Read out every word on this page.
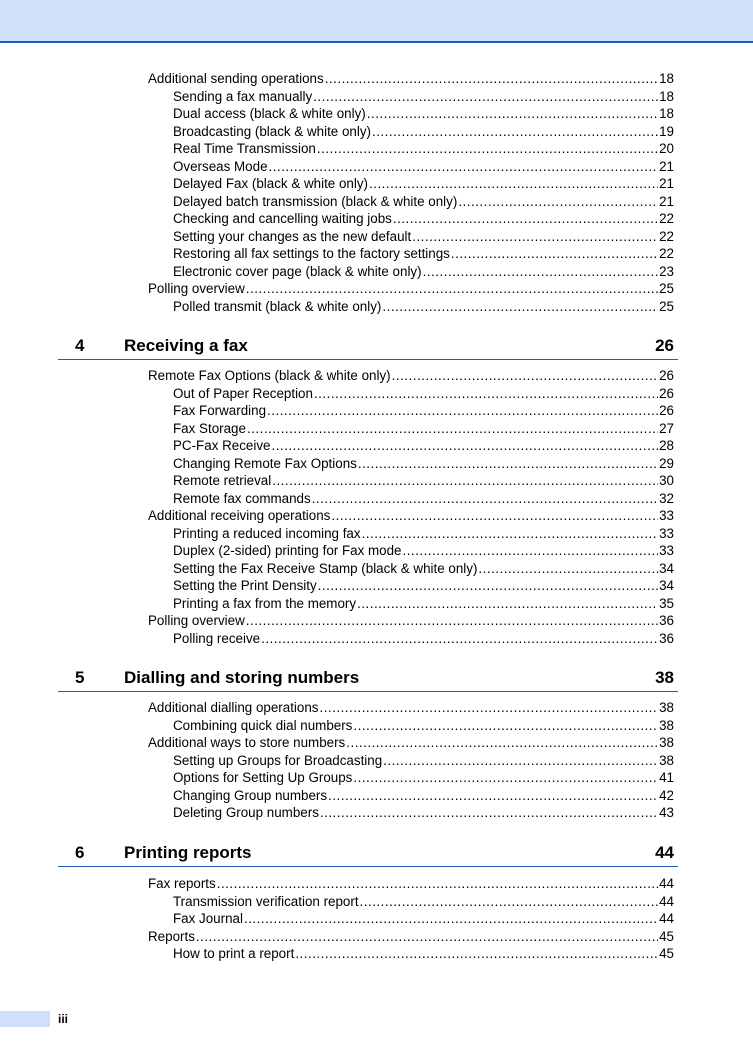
Additional sending operations .....	18
Sending a fax manually .....	18
Dual access (black & white only) .....	18
Broadcasting (black & white only) .....	19
Real Time Transmission .....	20
Overseas Mode .....	21
Delayed Fax (black & white only) .....	21
Delayed batch transmission (black & white only) .....	21
Checking and cancelling waiting jobs .....	22
Setting your changes as the new default .....	22
Restoring all fax settings to the factory settings .....	22
Electronic cover page (black & white only) .....	23
Polling overview .....	25
Polled transmit (black & white only) .....	25
4 Receiving a fax	26
Remote Fax Options (black & white only) .....	26
Out of Paper Reception .....	26
Fax Forwarding .....	26
Fax Storage .....	27
PC-Fax Receive .....	28
Changing Remote Fax Options .....	29
Remote retrieval .....	30
Remote fax commands .....	32
Additional receiving operations .....	33
Printing a reduced incoming fax .....	33
Duplex (2-sided) printing for Fax mode .....	33
Setting the Fax Receive Stamp (black & white only) .....	34
Setting the Print Density .....	34
Printing a fax from the memory .....	35
Polling overview .....	36
Polling receive .....	36
5 Dialling and storing numbers	38
Additional dialling operations .....	38
Combining quick dial numbers .....	38
Additional ways to store numbers .....	38
Setting up Groups for Broadcasting .....	38
Options for Setting Up Groups .....	41
Changing Group numbers .....	42
Deleting Group numbers .....	43
6 Printing reports	44
Fax reports .....	44
Transmission verification report .....	44
Fax Journal .....	44
Reports .....	45
How to print a report .....	45
iii
